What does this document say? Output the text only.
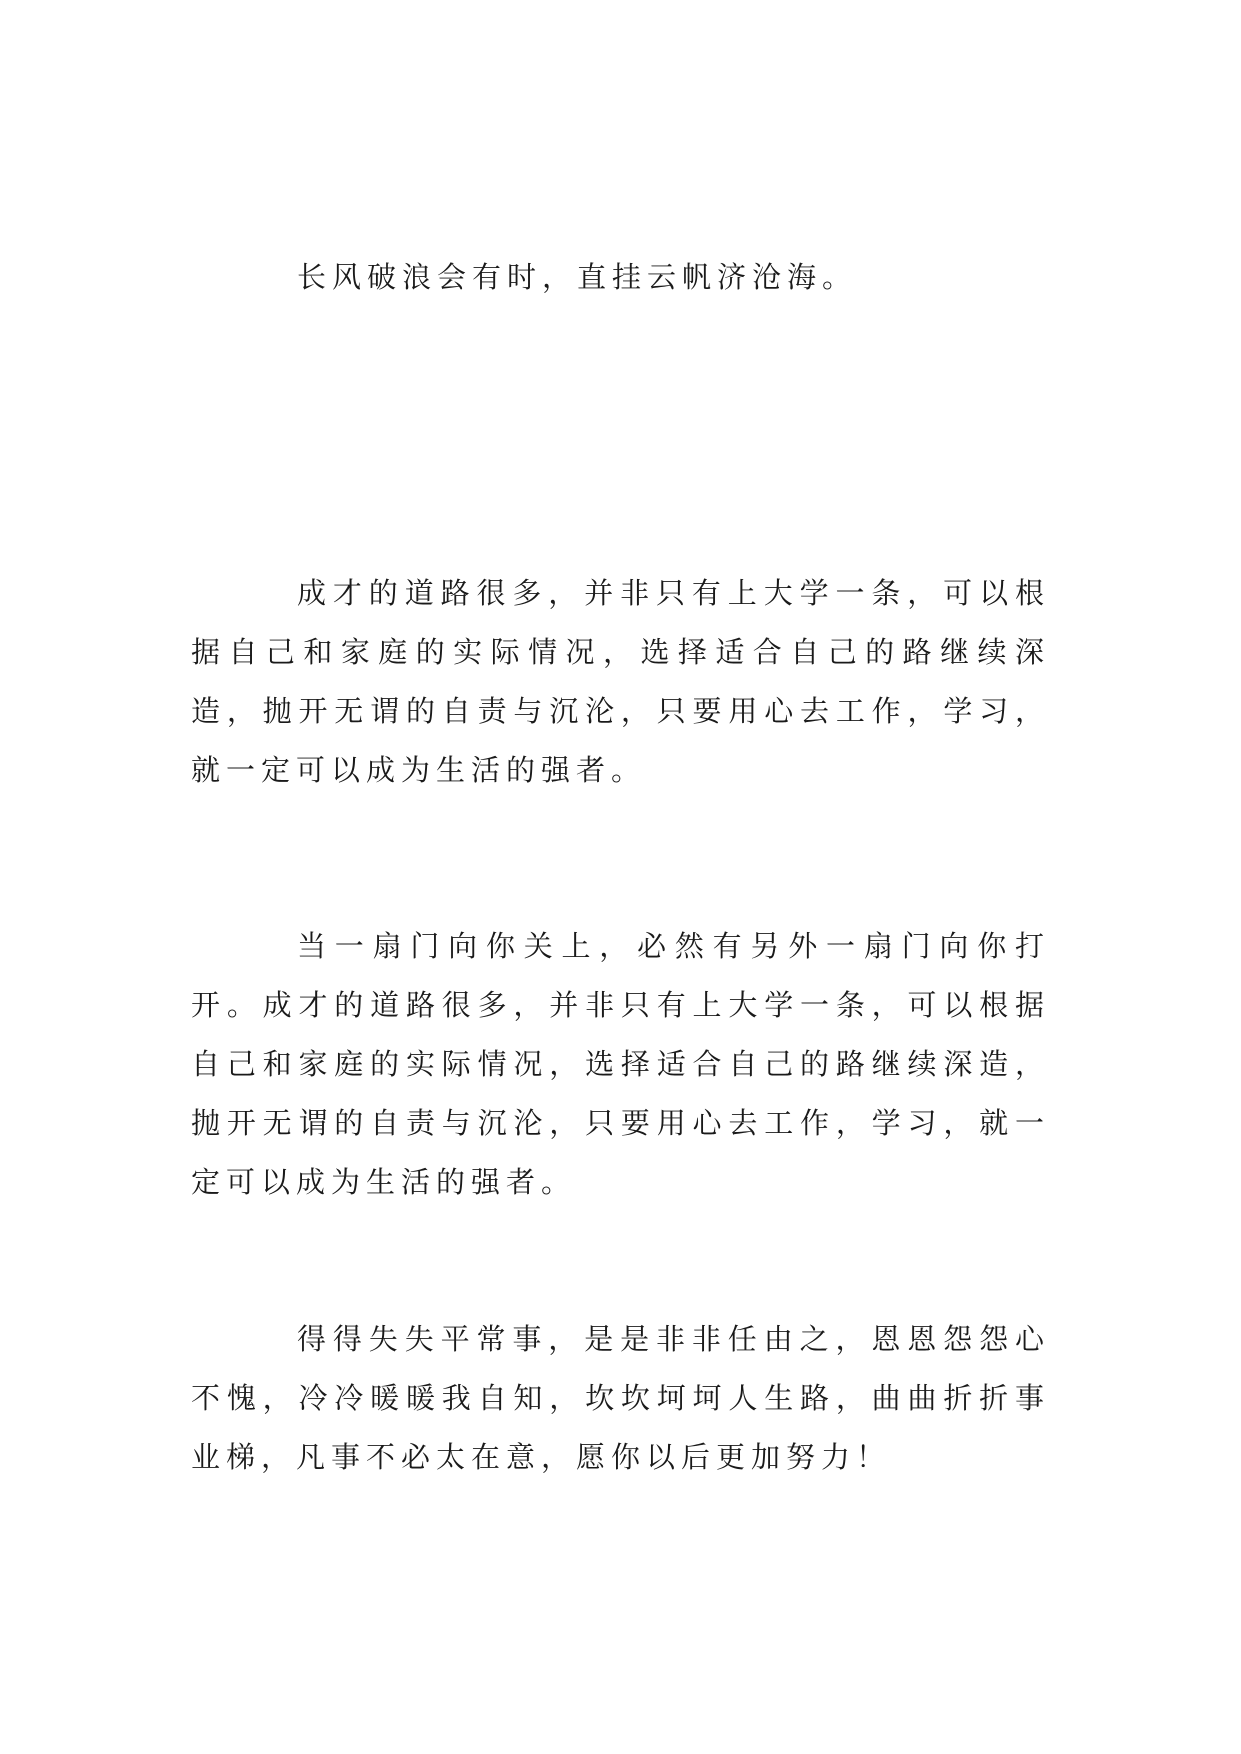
长风破浪会有时，直挂云帆济沧海。

成才的道路很多，并非只有上大学一条，可以根据自己和家庭的实际情况，选择适合自己的路继续深造，抛开无谓的自责与沉沦，只要用心去工作，学习，就一定可以成为生活的强者。

当一扇门向你关上，必然有另外一扇门向你打开。成才的道路很多，并非只有上大学一条，可以根据自己和家庭的实际情况，选择适合自己的路继续深造，抛开无谓的自责与沉沦，只要用心去工作，学习，就一定可以成为生活的强者。

得得失失平常事，是是非非任由之，恩恩怨怨心不愧，冷冷暖暖我自知，坎坎坷坷人生路，曲曲折折事业梯，凡事不必太在意，愿你以后更加努力！
